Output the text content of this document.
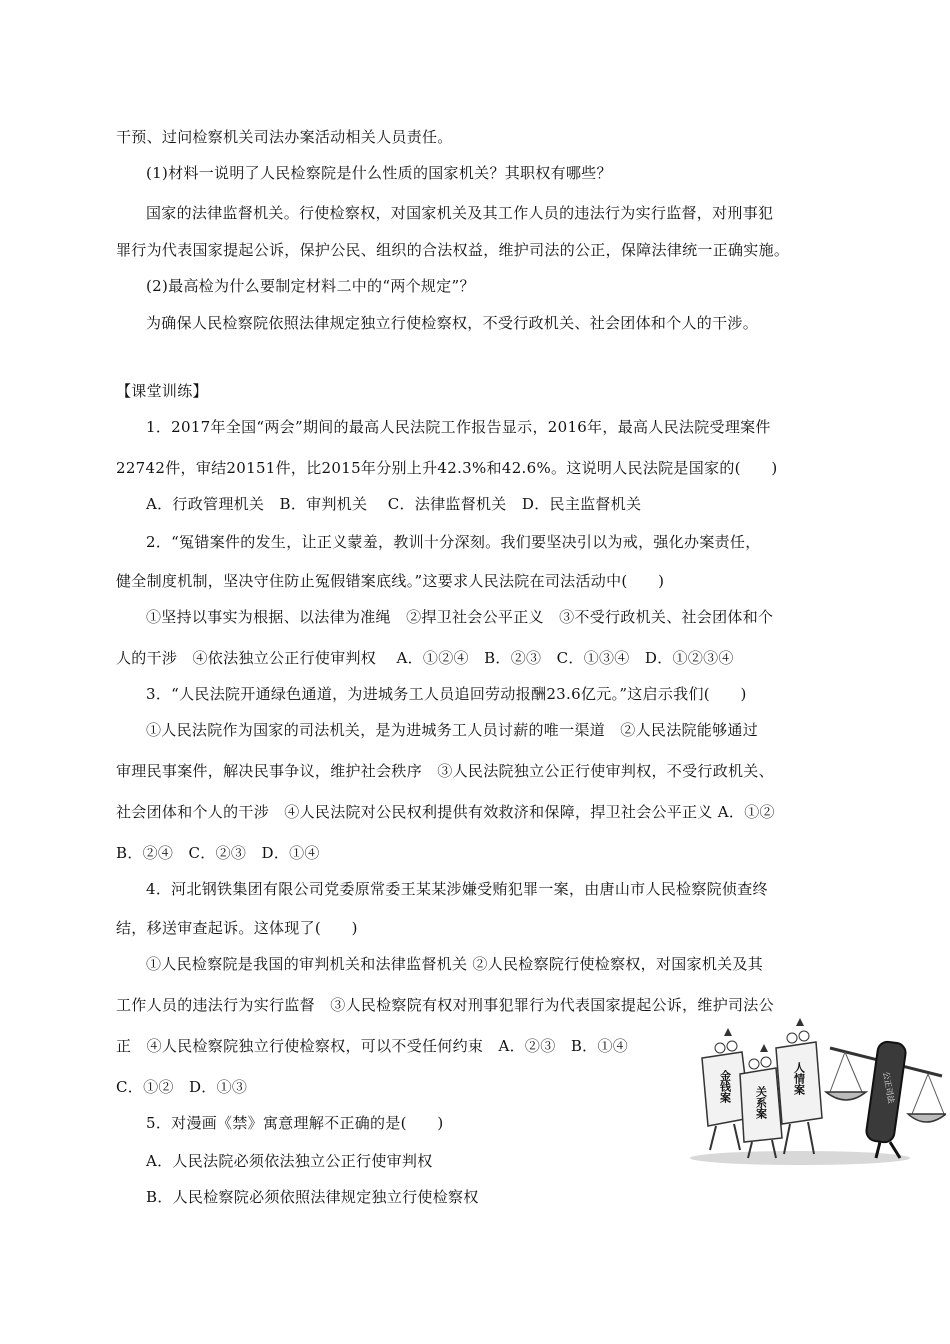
干预、过问检察机关司法办案活动相关人员责任。
(1)材料一说明了人民检察院是什么性质的国家机关？其职权有哪些？
国家的法律监督机关。行使检察权，对国家机关及其工作人员的违法行为实行监督，对刑事犯
罪行为代表国家提起公诉，保护公民、组织的合法权益，维护司法的公正，保障法律统一正确实施。
(2)最高检为什么要制定材料二中的“两个规定”？
为确保人民检察院依照法律规定独立行使检察权，不受行政机关、社会团体和个人的干涉。
【课堂训练】
1．2017年全国“两会”期间的最高人民法院工作报告显示，2016年，最高人民法院受理案件
22742件，审结20151件，比2015年分别上升42.3%和42.6%。这说明人民法院是国家的(　　)
A．行政管理机关　B．审判机关　 C．法律监督机关　D．民主监督机关
2．“冤错案件的发生，让正义蒙羞，教训十分深刻。我们要坚决引以为戒，强化办案责任，
健全制度机制，坚决守住防止冤假错案底线。”这要求人民法院在司法活动中(　　)
①坚持以事实为根据、以法律为准绳　②捍卫社会公平正义　③不受行政机关、社会团体和个
人的干涉　④依法独立公正行使审判权　 A．①②④　B．②③　C．①③④　D．①②③④
3．“人民法院开通绿色通道，为进城务工人员追回劳动报酬23.6亿元。”这启示我们(　　)
①人民法院作为国家的司法机关，是为进城务工人员讨薪的唯一渠道　②人民法院能够通过
审理民事案件，解决民事争议，维护社会秩序　③人民法院独立公正行使审判权，不受行政机关、
社会团体和个人的干涉　④人民法院对公民权利提供有效救济和保障，捍卫社会公平正义 A．①②
B．②④　C．②③　D．①④
4．河北钢铁集团有限公司党委原常委王某某涉嫌受贿犯罪一案，由唐山市人民检察院侦查终
结，移送审查起诉。这体现了(　　)
①人民检察院是我国的审判机关和法律监督机关 ②人民检察院行使检察权，对国家机关及其
工作人员的违法行为实行监督　③人民检察院有权对刑事犯罪行为代表国家提起公诉，维护司法公
正　④人民检察院独立行使检察权，可以不受任何约束　A．②③　B．①④
C．①②　D．①③
5．对漫画《禁》寓意理解不正确的是(　　)
A．人民法院必须依法独立公正行使审判权
B．人民检察院必须依照法律规定独立行使检察权
公正司法
金钱案 关系案
人情案
